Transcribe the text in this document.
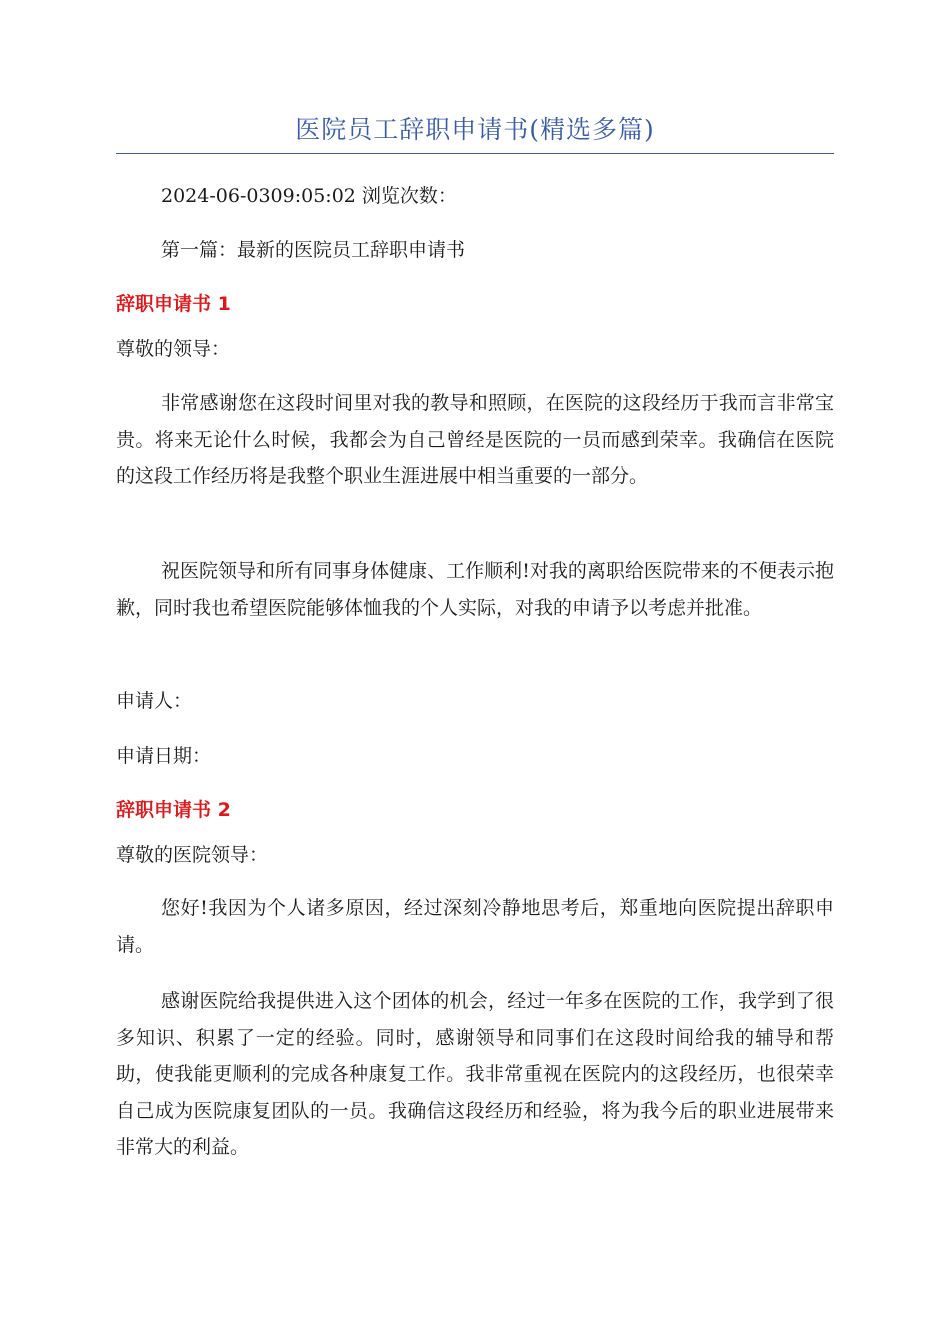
医院员工辞职申请书(精选多篇)

2024-06-0309:05:02 浏览次数：

第一篇：最新的医院员工辞职申请书

辞职申请书 1

尊敬的领导：

非常感谢您在这段时间里对我的教导和照顾，在医院的这段经历于我而言非常宝贵。将来无论什么时候，我都会为自己曾经是医院的一员而感到荣幸。我确信在医院的这段工作经历将是我整个职业生涯进展中相当重要的一部分。

祝医院领导和所有同事身体健康、工作顺利!对我的离职给医院带来的不便表示抱歉，同时我也希望医院能够体恤我的个人实际，对我的申请予以考虑并批准。

申请人：

申请日期：

辞职申请书 2

尊敬的医院领导：

您好!我因为个人诸多原因，经过深刻冷静地思考后，郑重地向医院提出辞职申请。

感谢医院给我提供进入这个团体的机会，经过一年多在医院的工作，我学到了很多知识、积累了一定的经验。同时，感谢领导和同事们在这段时间给我的辅导和帮助，使我能更顺利的完成各种康复工作。我非常重视在医院内的这段经历，也很荣幸自己成为医院康复团队的一员。我确信这段经历和经验，将为我今后的职业进展带来非常大的利益。
